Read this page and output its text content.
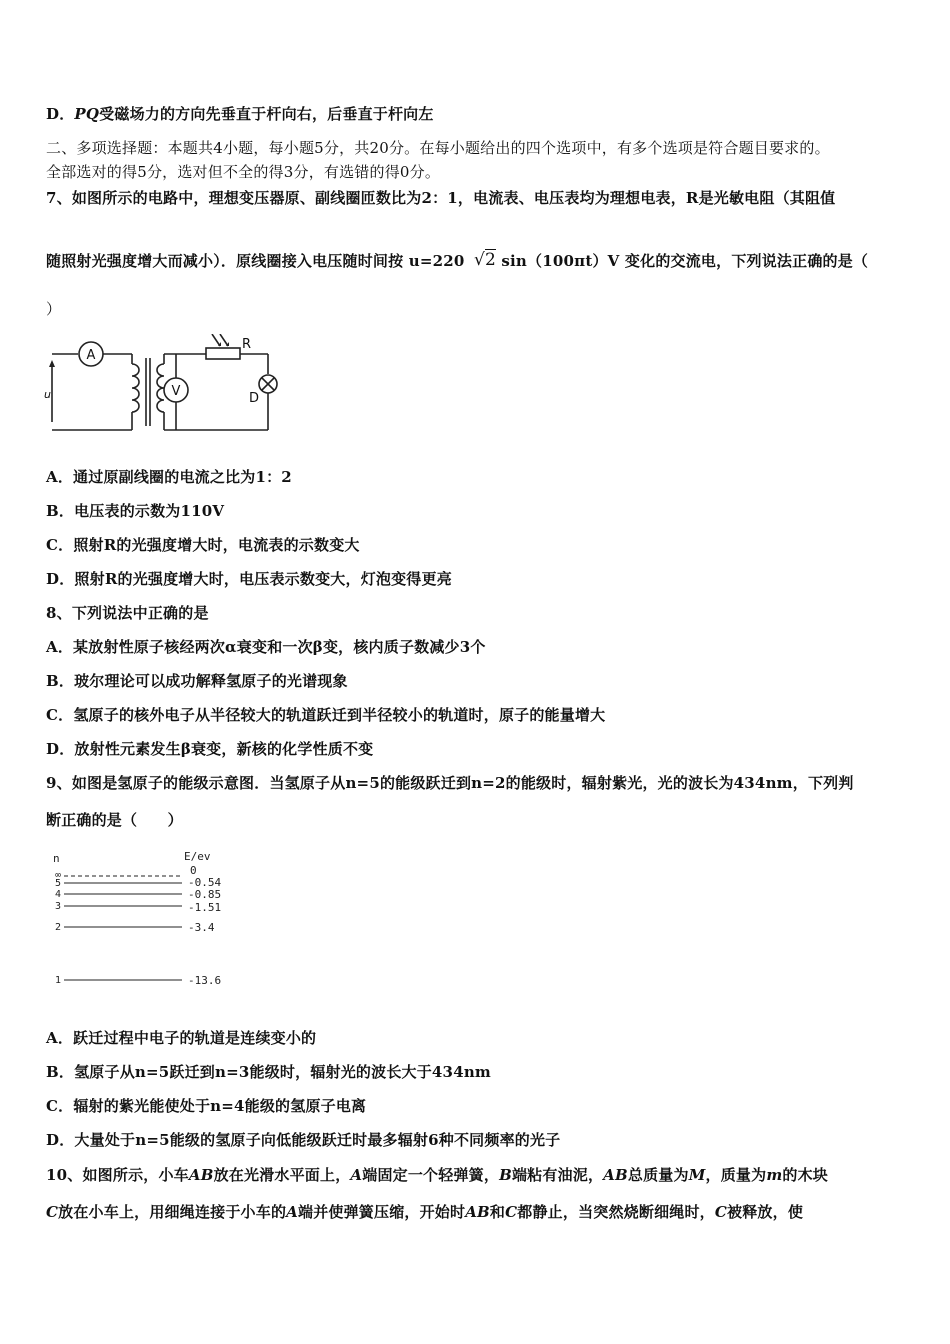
D．PQ受磁场力的方向先垂直于杆向右，后垂直于杆向左
二、多项选择题：本题共4小题，每小题5分，共20分。在每小题给出的四个选项中，有多个选项是符合题目要求的。
全部选对的得5分，选对但不全的得3分，有选错的得0分。
7、如图所示的电路中，理想变压器原、副线圈匝数比为2：1，电流表、电压表均为理想电表，R是光敏电阻（其阻值
随照射光强度增大而减小）．原线圈接入电压随时间按 u=220 √2 sin（100πt）V 变化的交流电，下列说法正确的是（
）
A
V
R
D
u
A．通过原副线圈的电流之比为1：2
B．电压表的示数为110V
C．照射R的光强度增大时，电流表的示数变大
D．照射R的光强度增大时，电压表示数变大，灯泡变得更亮
8、下列说法中正确的是
A．某放射性原子核经两次α衰变和一次β变，核内质子数减少3个
B．玻尔理论可以成功解释氢原子的光谱现象
C．氢原子的核外电子从半径较大的轨道跃迁到半径较小的轨道时，原子的能量增大
D．放射性元素发生β衰变，新核的化学性质不变
9、如图是氢原子的能级示意图．当氢原子从n=5的能级跃迁到n=2的能级时，辐射紫光，光的波长为434nm，下列判
断正确的是（　　）
n	E/ev
∞	0
5	-0.54
4	-0.85
3	-1.51
2	-3.4
1	-13.6
A．跃迁过程中电子的轨道是连续变小的
B．氢原子从n=5跃迁到n=3能级时，辐射光的波长大于434nm
C．辐射的紫光能使处于n=4能级的氢原子电离
D．大量处于n=5能级的氢原子向低能级跃迁时最多辐射6种不同频率的光子
10、如图所示，小车AB放在光滑水平面上，A端固定一个轻弹簧，B端粘有油泥，AB总质量为M，质量为m的木块
C放在小车上，用细绳连接于小车的A端并使弹簧压缩，开始时AB和C都静止，当突然烧断细绳时，C被释放，使
